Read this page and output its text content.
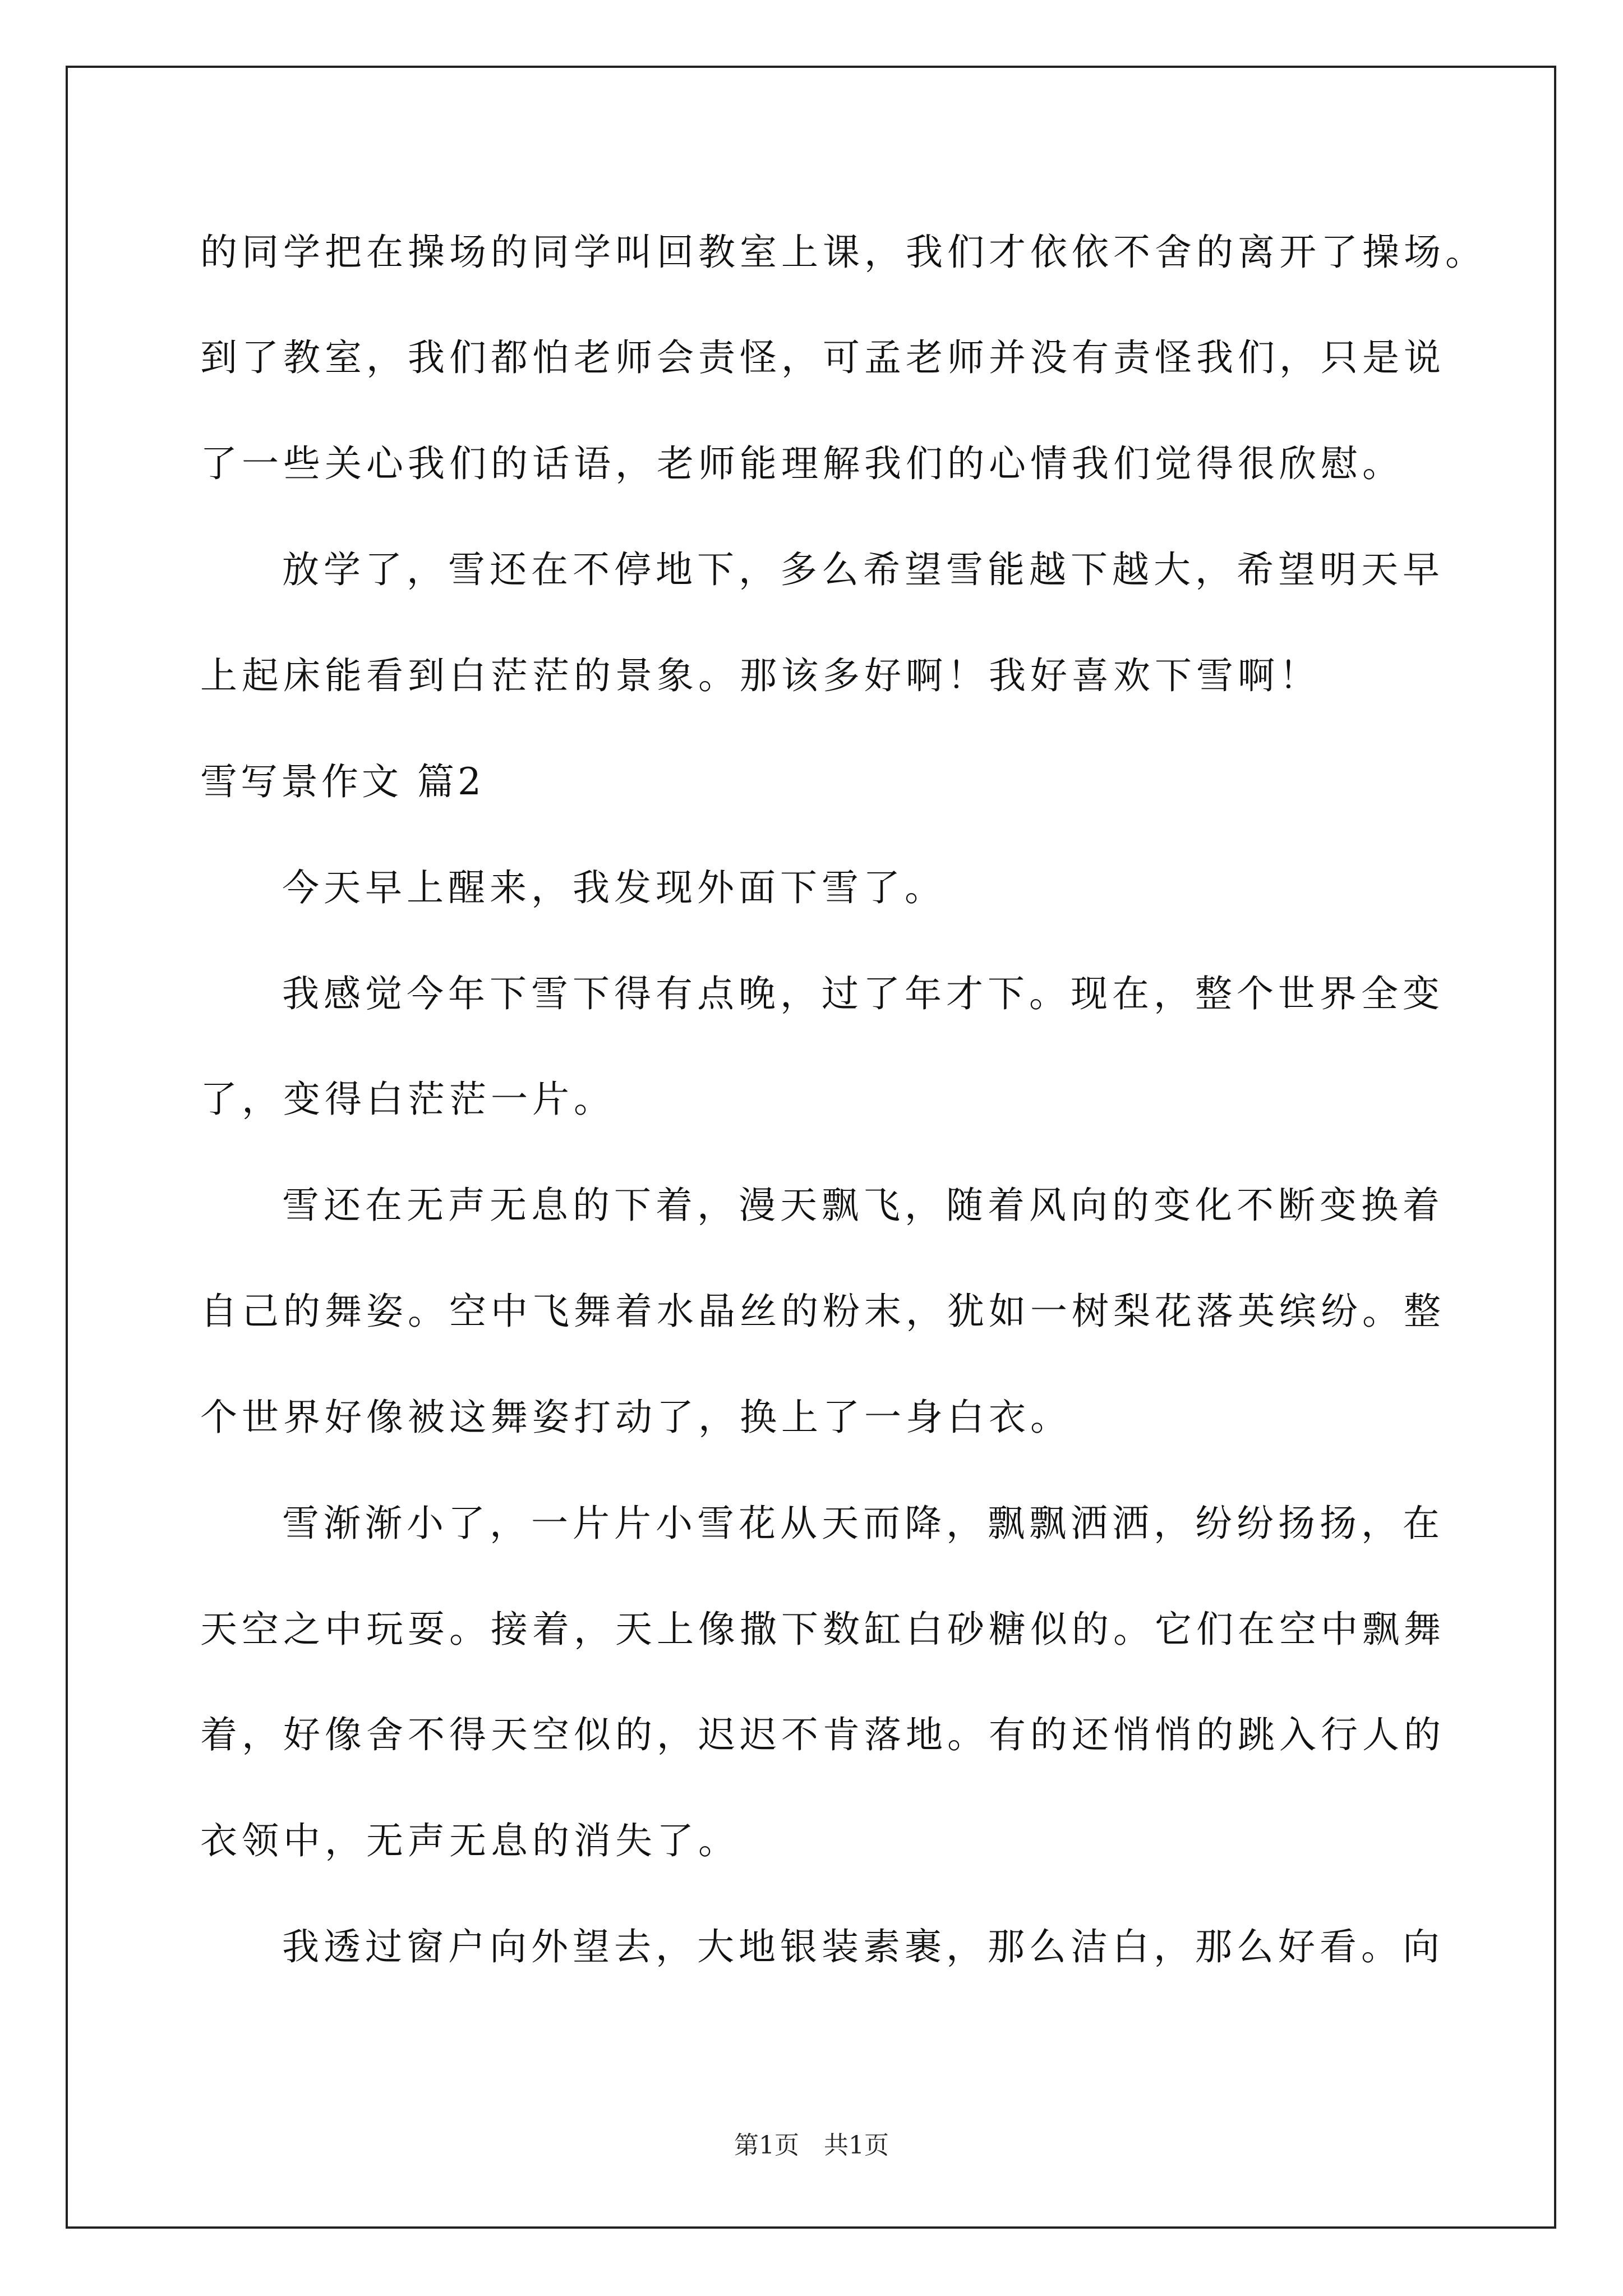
的同学把在操场的同学叫回教室上课，我们才依依不舍的离开了操场。
到了教室，我们都怕老师会责怪，可孟老师并没有责怪我们，只是说
了一些关心我们的话语，老师能理解我们的心情我们觉得很欣慰。
放学了，雪还在不停地下，多么希望雪能越下越大，希望明天早
上起床能看到白茫茫的景象。那该多好啊！我好喜欢下雪啊！
雪写景作文 篇2
今天早上醒来，我发现外面下雪了。
我感觉今年下雪下得有点晚，过了年才下。现在，整个世界全变
了，变得白茫茫一片。
雪还在无声无息的下着，漫天飘飞，随着风向的变化不断变换着
自己的舞姿。空中飞舞着水晶丝的粉末，犹如一树梨花落英缤纷。整
个世界好像被这舞姿打动了，换上了一身白衣。
雪渐渐小了，一片片小雪花从天而降，飘飘洒洒，纷纷扬扬，在
天空之中玩耍。接着，天上像撒下数缸白砂糖似的。它们在空中飘舞
着，好像舍不得天空似的，迟迟不肯落地。有的还悄悄的跳入行人的
衣领中，无声无息的消失了。
我透过窗户向外望去，大地银装素裹，那么洁白，那么好看。向
第1页　共1页
